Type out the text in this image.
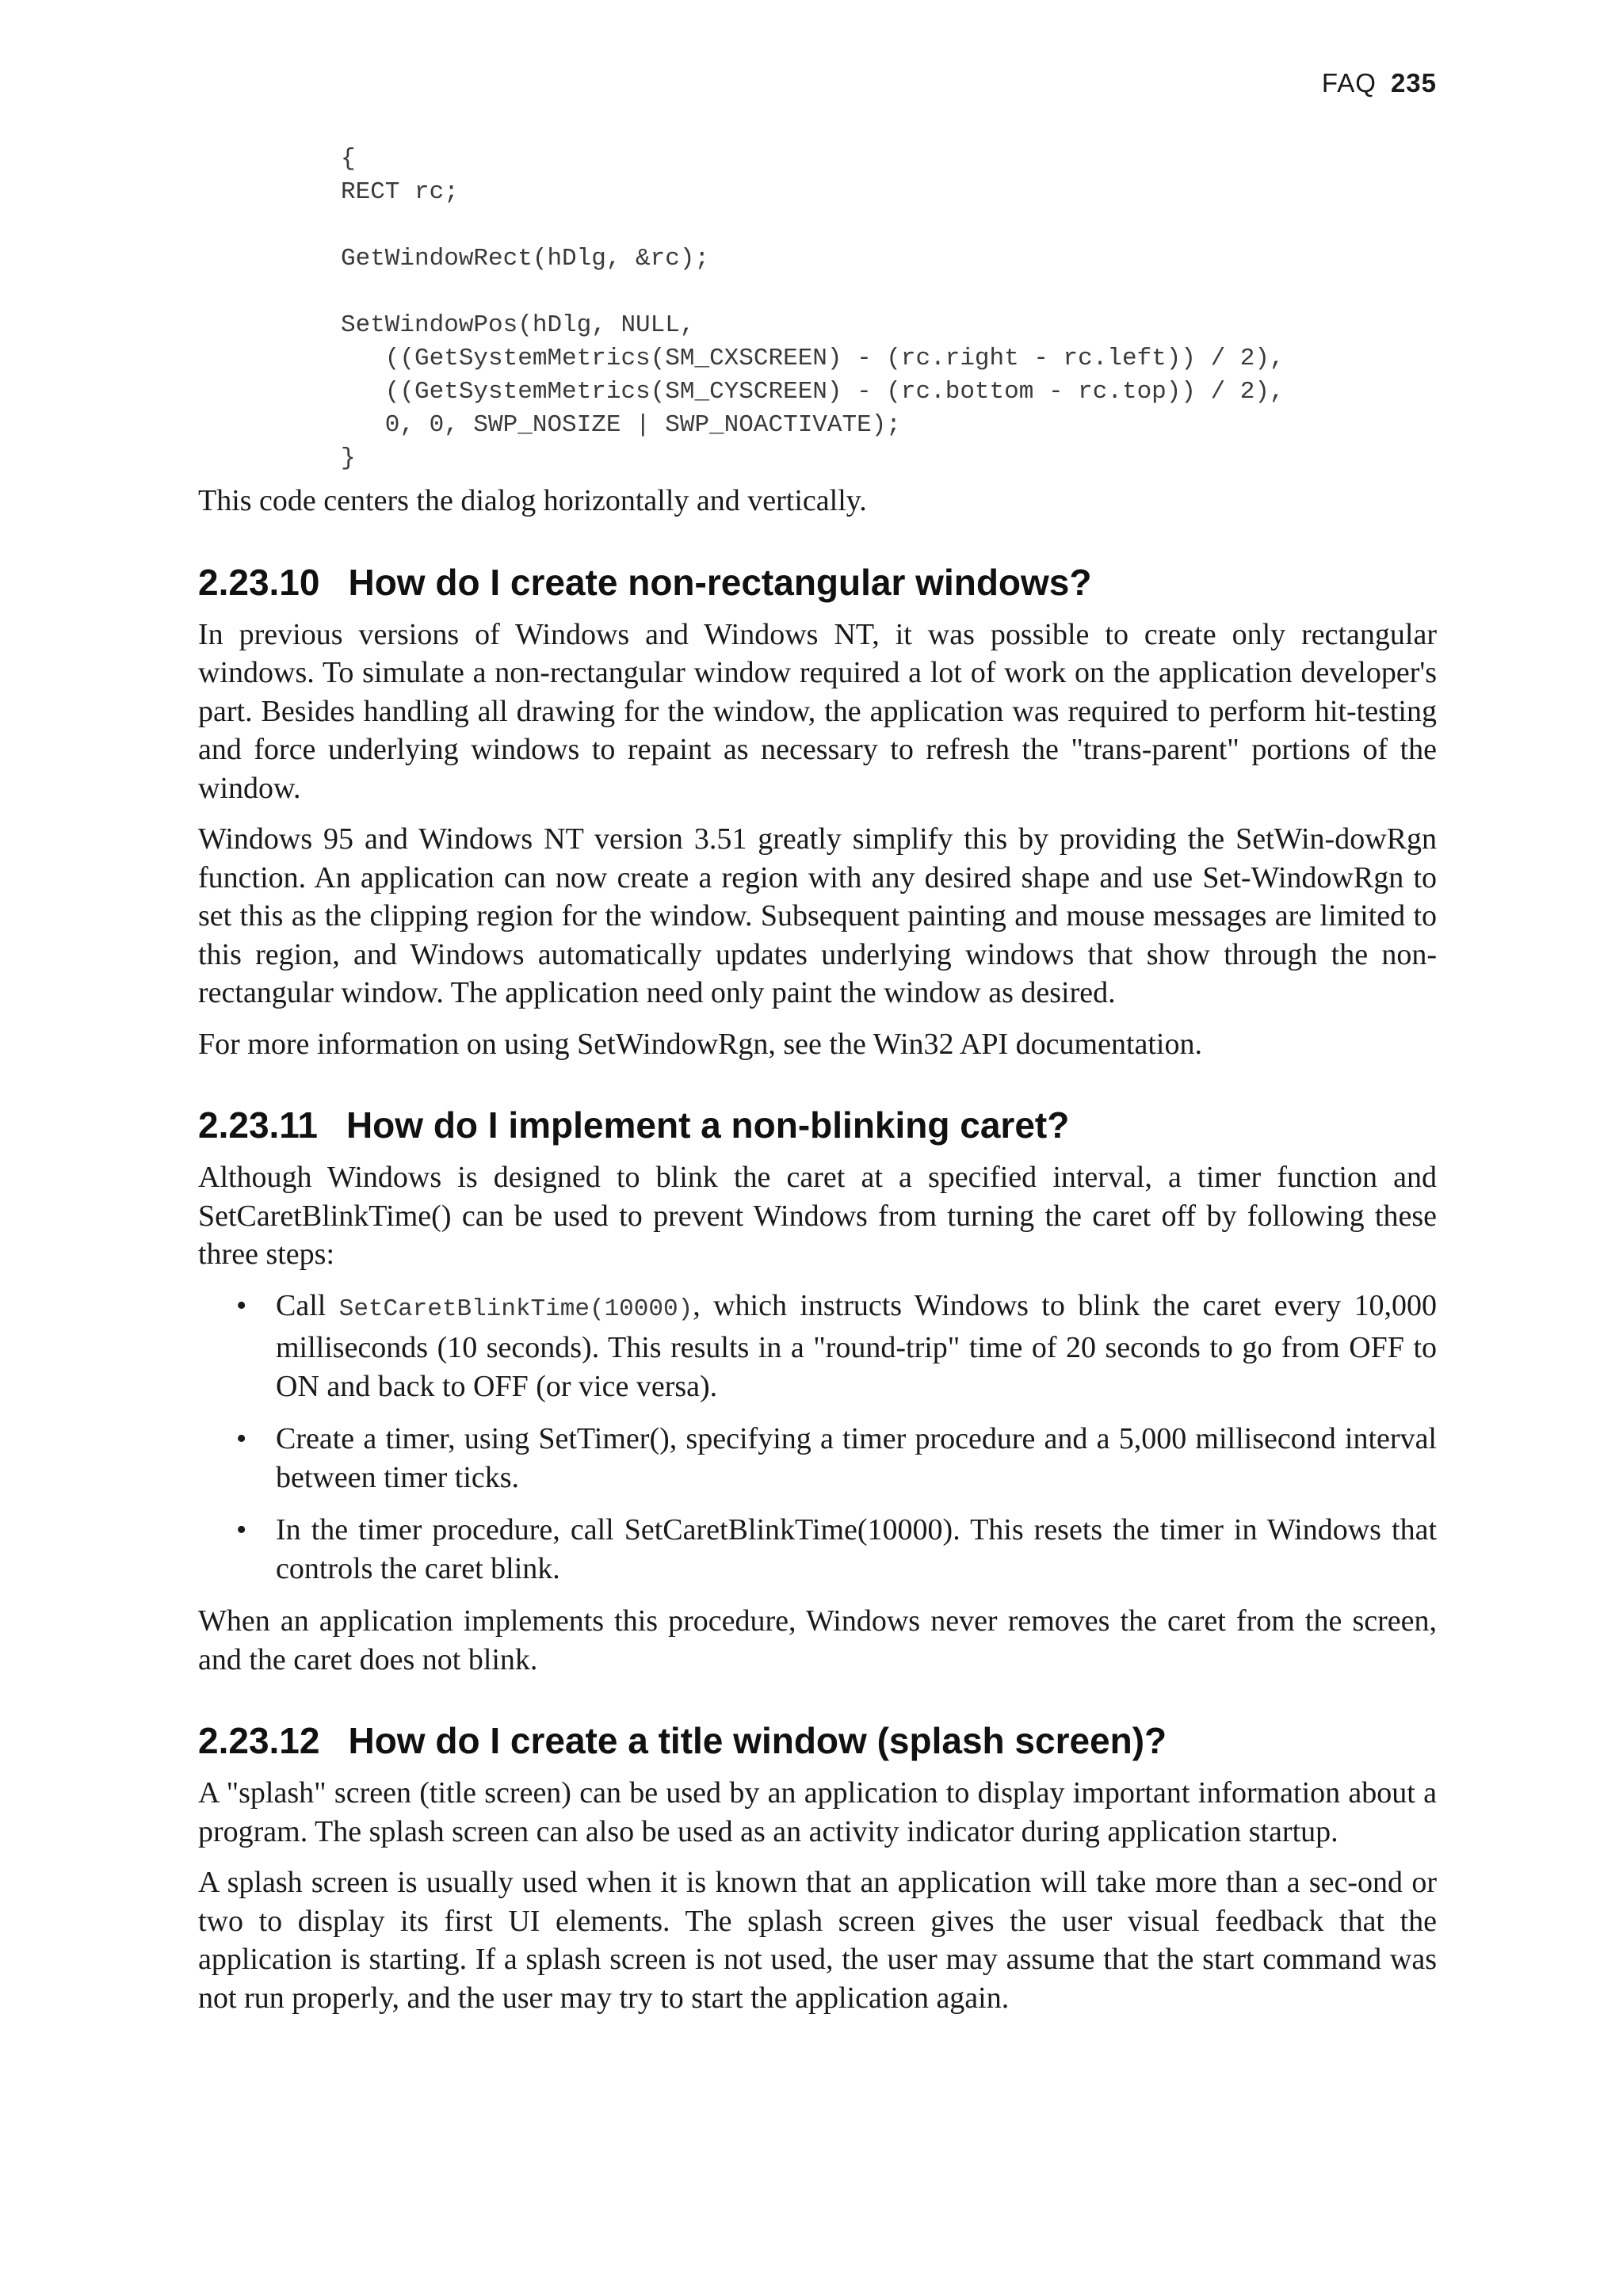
FAQ 235
{
RECT rc;

GetWindowRect(hDlg, &rc);

SetWindowPos(hDlg, NULL,
((GetSystemMetrics(SM_CXSCREEN) - (rc.right - rc.left)) / 2),
((GetSystemMetrics(SM_CYSCREEN) - (rc.bottom - rc.top)) / 2),
0, 0, SWP_NOSIZE | SWP_NOACTIVATE);
}

This code centers the dialog horizontally and vertically.

2.23.10 How do I create non-rectangular windows?

In previous versions of Windows and Windows NT, it was possible to create only rectangular windows. To simulate a non-rectangular window required a lot of work on the application developer's part. Besides handling all drawing for the window, the application was required to perform hit-testing and force underlying windows to repaint as necessary to refresh the "trans-parent" portions of the window.

Windows 95 and Windows NT version 3.51 greatly simplify this by providing the SetWin-dowRgn function. An application can now create a region with any desired shape and use Set-WindowRgn to set this as the clipping region for the window. Subsequent painting and mouse messages are limited to this region, and Windows automatically updates underlying windows that show through the non-rectangular window. The application need only paint the window as desired.

For more information on using SetWindowRgn, see the Win32 API documentation.

2.23.11 How do I implement a non-blinking caret?

Although Windows is designed to blink the caret at a specified interval, a timer function and SetCaretBlinkTime() can be used to prevent Windows from turning the caret off by following these three steps:

• Call SetCaretBlinkTime(10000), which instructs Windows to blink the caret every 10,000 milliseconds (10 seconds). This results in a "round-trip" time of 20 seconds to go from OFF to ON and back to OFF (or vice versa).
• Create a timer, using SetTimer(), specifying a timer procedure and a 5,000 millisecond interval between timer ticks.
• In the timer procedure, call SetCaretBlinkTime(10000). This resets the timer in Windows that controls the caret blink.

When an application implements this procedure, Windows never removes the caret from the screen, and the caret does not blink.

2.23.12 How do I create a title window (splash screen)?

A "splash" screen (title screen) can be used by an application to display important information about a program. The splash screen can also be used as an activity indicator during application startup.

A splash screen is usually used when it is known that an application will take more than a sec-ond or two to display its first UI elements. The splash screen gives the user visual feedback that the application is starting. If a splash screen is not used, the user may assume that the start command was not run properly, and the user may try to start the application again.
